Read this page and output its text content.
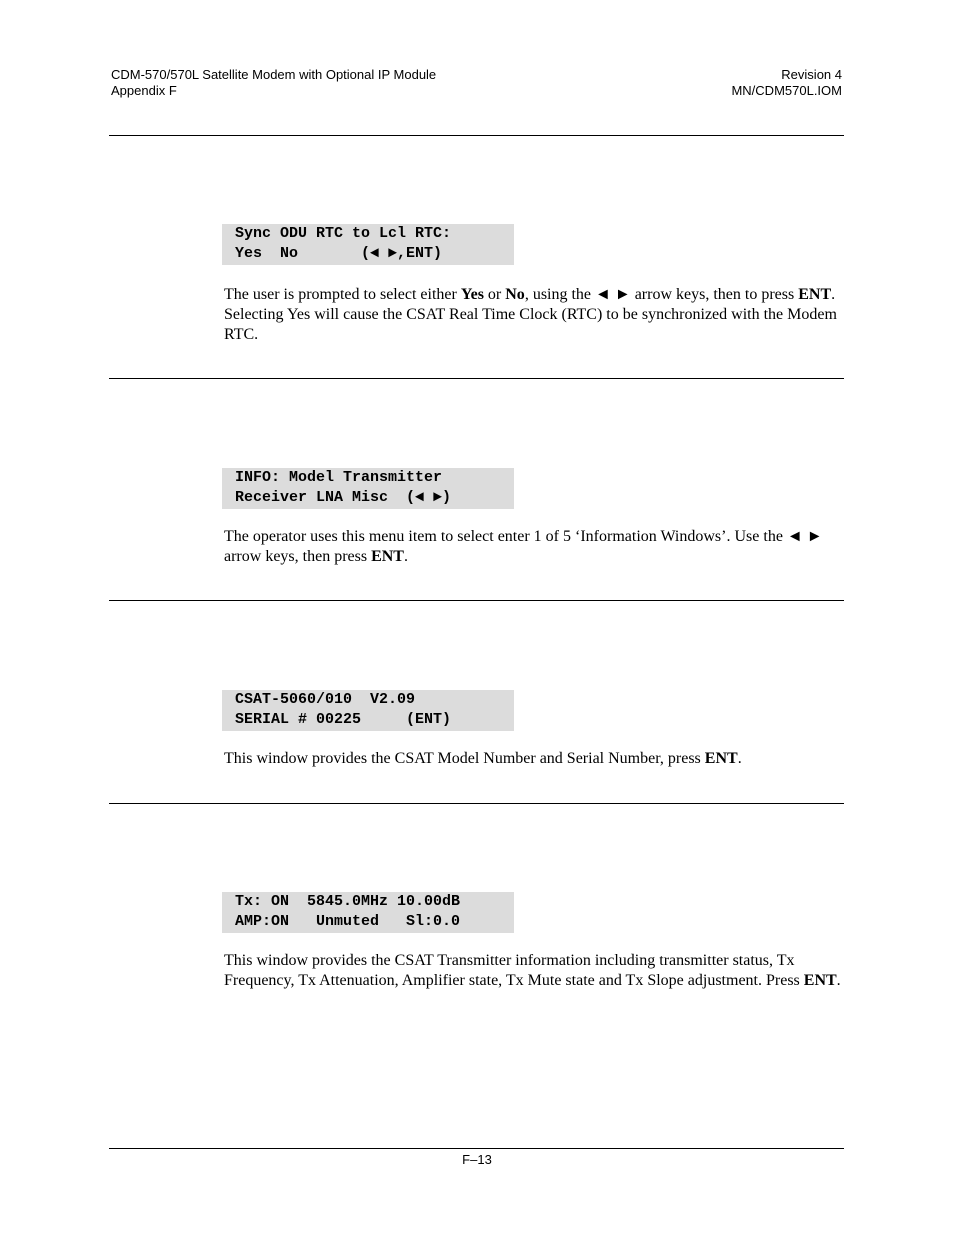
CDM-570/570L Satellite Modem with Optional IP Module
Appendix F
Revision 4
MN/CDM570L.IOM
Sync ODU RTC to Lcl RTC:
Yes  No       (◄ ►,ENT)
The user is prompted to select either Yes or No, using the ◄ ► arrow keys, then to press ENT. Selecting Yes will cause the CSAT Real Time Clock (RTC) to be synchronized with the Modem RTC.
INFO: Model Transmitter
Receiver LNA Misc  (◄ ►)
The operator uses this menu item to select enter 1 of 5 ‘Information Windows’. Use the ◄ ► arrow keys, then press ENT.
CSAT-5060/010  V2.09
SERIAL # 00225     (ENT)
This window provides the CSAT Model Number and Serial Number, press ENT.
Tx: ON  5845.0MHz 10.00dB
AMP:ON   Unmuted   Sl:0.0
This window provides the CSAT Transmitter information including transmitter status, Tx Frequency, Tx Attenuation, Amplifier state, Tx Mute state and Tx Slope adjustment. Press ENT.
F–13
